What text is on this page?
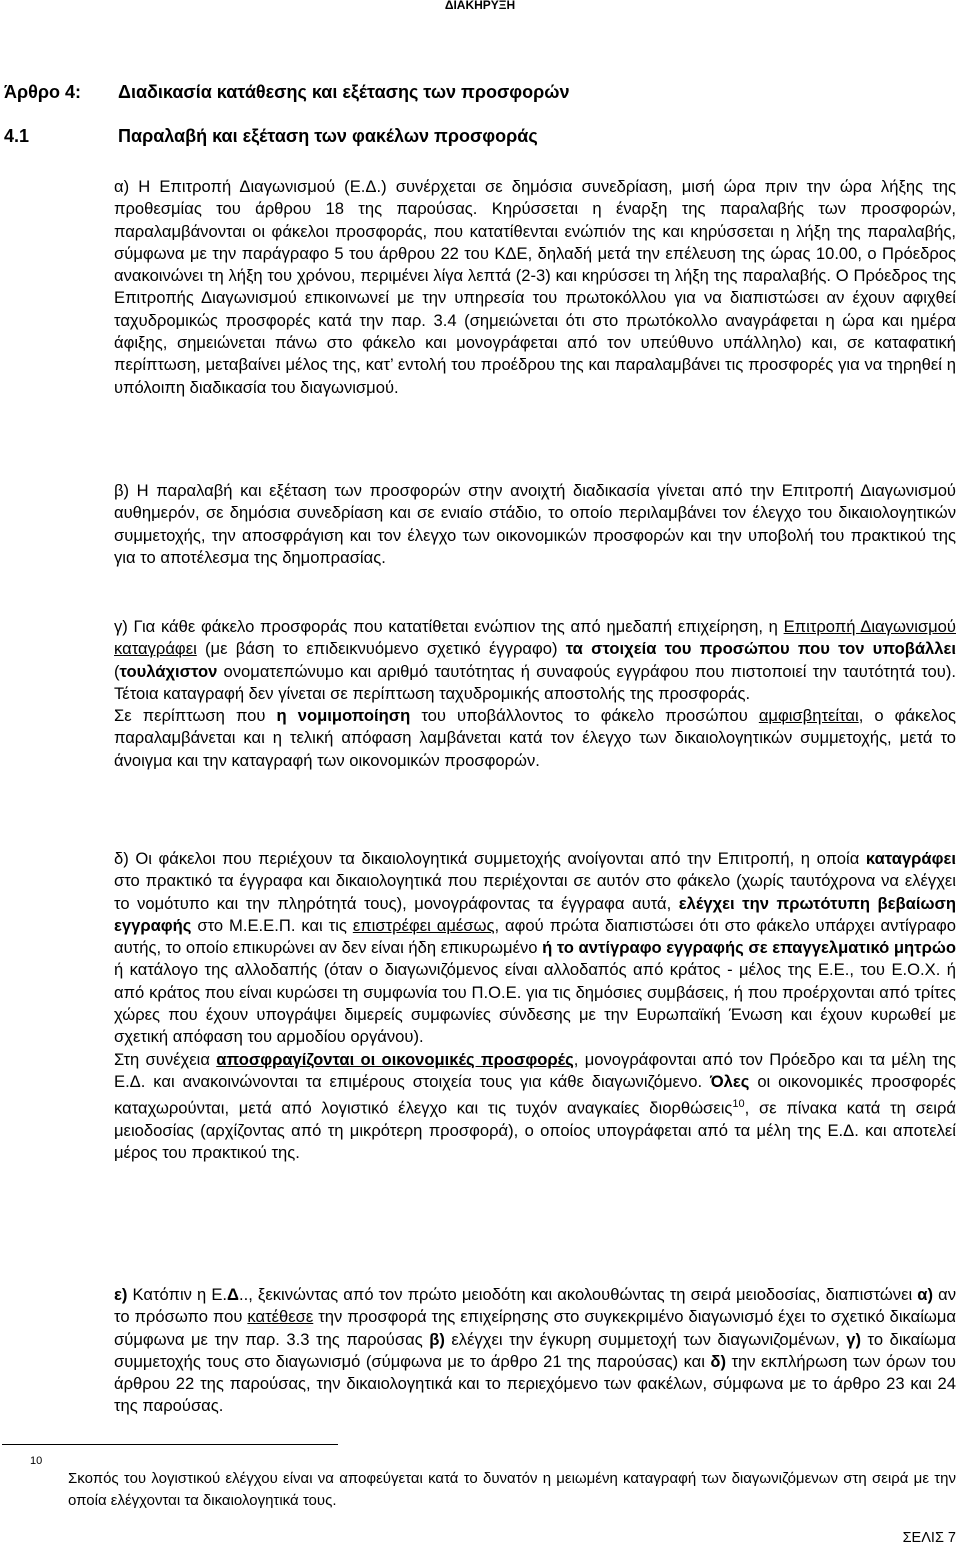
ΔΙΑΚΗΡΥΞΗ
Άρθρο 4: Διαδικασία κατάθεσης και εξέτασης των προσφορών
4.1	Παραλαβή και εξέταση των φακέλων προσφοράς

α) Η Επιτροπή Διαγωνισμού (Ε.Δ.) συνέρχεται σε δημόσια συνεδρίαση, μισή ώρα πριν την ώρα λήξης της προθεσμίας του άρθρου 18 της παρούσας. Κηρύσσεται η έναρξη της παραλαβής των προσφορών, παραλαμβάνονται οι φάκελοι προσφοράς, που κατατίθενται ενώπιόν της και κηρύσσεται η λήξη της παραλαβής, σύμφωνα με την παράγραφο 5 του άρθρου 22 του ΚΔΕ, δηλαδή μετά την επέλευση της ώρας 10.00, ο Πρόεδρος ανακοινώνει τη λήξη του χρόνου, περιμένει λίγα λεπτά (2-3) και κηρύσσει τη λήξη της παραλαβής. Ο Πρόεδρος της Επιτροπής Διαγωνισμού επικοινωνεί με την υπηρεσία του πρωτοκόλλου για να διαπιστώσει αν έχουν αφιχθεί ταχυδρομικώς προσφορές κατά την παρ. 3.4 (σημειώνεται ότι στο πρωτόκολλο αναγράφεται η ώρα και ημέρα άφιξης, σημειώνεται πάνω στο φάκελο και μονογράφεται από τον υπεύθυνο υπάλληλο) και, σε καταφατική περίπτωση, μεταβαίνει μέλος της, κατ’ εντολή του προέδρου της και παραλαμβάνει τις προσφορές για να τηρηθεί η υπόλοιπη διαδικασία του διαγωνισμού.

β) Η παραλαβή και εξέταση των προσφορών στην ανοιχτή διαδικασία γίνεται από την Επιτροπή Διαγωνισμού αυθημερόν, σε δημόσια συνεδρίαση και σε ενιαίο στάδιο, το οποίο περιλαμβάνει τον έλεγχο του δικαιολογητικών συμμετοχής, την αποσφράγιση και τον έλεγχο των οικονομικών προσφορών και την υποβολή του πρακτικού της για το αποτέλεσμα της δημοπρασίας.

γ) Για κάθε φάκελο προσφοράς που κατατίθεται ενώπιον της από ημεδαπή επιχείρηση, η Επιτροπή Διαγωνισμού καταγράφει (με βάση το επιδεικνυόμενο σχετικό έγγραφο) τα στοιχεία του προσώπου που τον υποβάλλει (τουλάχιστον ονοματεπώνυμο και αριθμό ταυτότητας ή συναφούς εγγράφου που πιστοποιεί την ταυτότητά του). Τέτοια καταγραφή δεν γίνεται σε περίπτωση ταχυδρομικής αποστολής της προσφοράς.
Σε περίπτωση που η νομιμοποίηση του υποβάλλοντος το φάκελο προσώπου αμφισβητείται, ο φάκελος παραλαμβάνεται και η τελική απόφαση λαμβάνεται κατά τον έλεγχο των δικαιολογητικών συμμετοχής, μετά το άνοιγμα και την καταγραφή των οικονομικών προσφορών.

δ) Οι φάκελοι που περιέχουν τα δικαιολογητικά συμμετοχής ανοίγονται από την Επιτροπή, η οποία καταγράφει στο πρακτικό τα έγγραφα και δικαιολογητικά που περιέχονται σε αυτόν στο φάκελο (χωρίς ταυτόχρονα να ελέγχει το νομότυπο και την πληρότητά τους), μονογράφοντας τα έγγραφα αυτά, ελέγχει την πρωτότυπη βεβαίωση εγγραφής στο Μ.Ε.Ε.Π. και τις επιστρέφει αμέσως, αφού πρώτα διαπιστώσει ότι στο φάκελο υπάρχει αντίγραφο αυτής, το οποίο επικυρώνει αν δεν είναι ήδη επικυρωμένο ή το αντίγραφο εγγραφής σε επαγγελματικό μητρώο ή κατάλογο της αλλοδαπής (όταν ο διαγωνιζόμενος είναι αλλοδαπός από κράτος - μέλος της Ε.Ε., του Ε.Ο.Χ. ή από κράτος που είναι κυρώσει τη συμφωνία του Π.Ο.Ε. για τις δημόσιες συμβάσεις, ή που προέρχονται από τρίτες χώρες που έχουν υπογράψει διμερείς συμφωνίες σύνδεσης με την Ευρωπαϊκή Ένωση και έχουν κυρωθεί με σχετική απόφαση του αρμοδίου οργάνου).
Στη συνέχεια αποσφραγίζονται οι οικονομικές προσφορές, μονογράφονται από τον Πρόεδρο και τα μέλη της Ε.Δ. και ανακοινώνονται τα επιμέρους στοιχεία τους για κάθε διαγωνιζόμενο. Όλες οι οικονομικές προσφορές καταχωρούνται, μετά από λογιστικό έλεγχο και τις τυχόν αναγκαίες διορθώσεις$^{10}$, σε πίνακα κατά τη σειρά μειοδοσίας (αρχίζοντας από τη μικρότερη προσφορά), ο οποίος υπογράφεται από τα μέλη της Ε.Δ. και αποτελεί μέρος του πρακτικού της.

ε) Κατόπιν η Ε.Δ.., ξεκινώντας από τον πρώτο μειοδότη και ακολουθώντας τη σειρά μειοδοσίας, διαπιστώνει α) αν το πρόσωπο που κατέθεσε την προσφορά της επιχείρησης στο συγκεκριμένο διαγωνισμό έχει το σχετικό δικαίωμα σύμφωνα με την παρ. 3.3 της παρούσας β) ελέγχει την έγκυρη συμμετοχή των διαγωνιζομένων, γ) το δικαίωμα συμμετοχής τους στο διαγωνισμό (σύμφωνα με το άρθρο 21 της παρούσας) και δ) την εκπλήρωση των όρων του άρθρου 22 της παρούσας, την δικαιολογητικά και το περιεχόμενο των φακέλων, σύμφωνα με το άρθρο 23 και 24 της παρούσας.

10

Σκοπός του λογιστικού ελέγχου είναι να αποφεύγεται κατά το δυνατόν η μειωμένη καταγραφή των διαγωνιζόμενων στη σειρά με την οποία ελέγχονται τα δικαιολογητικά τους.

ΣΕΛΙΣ 7
